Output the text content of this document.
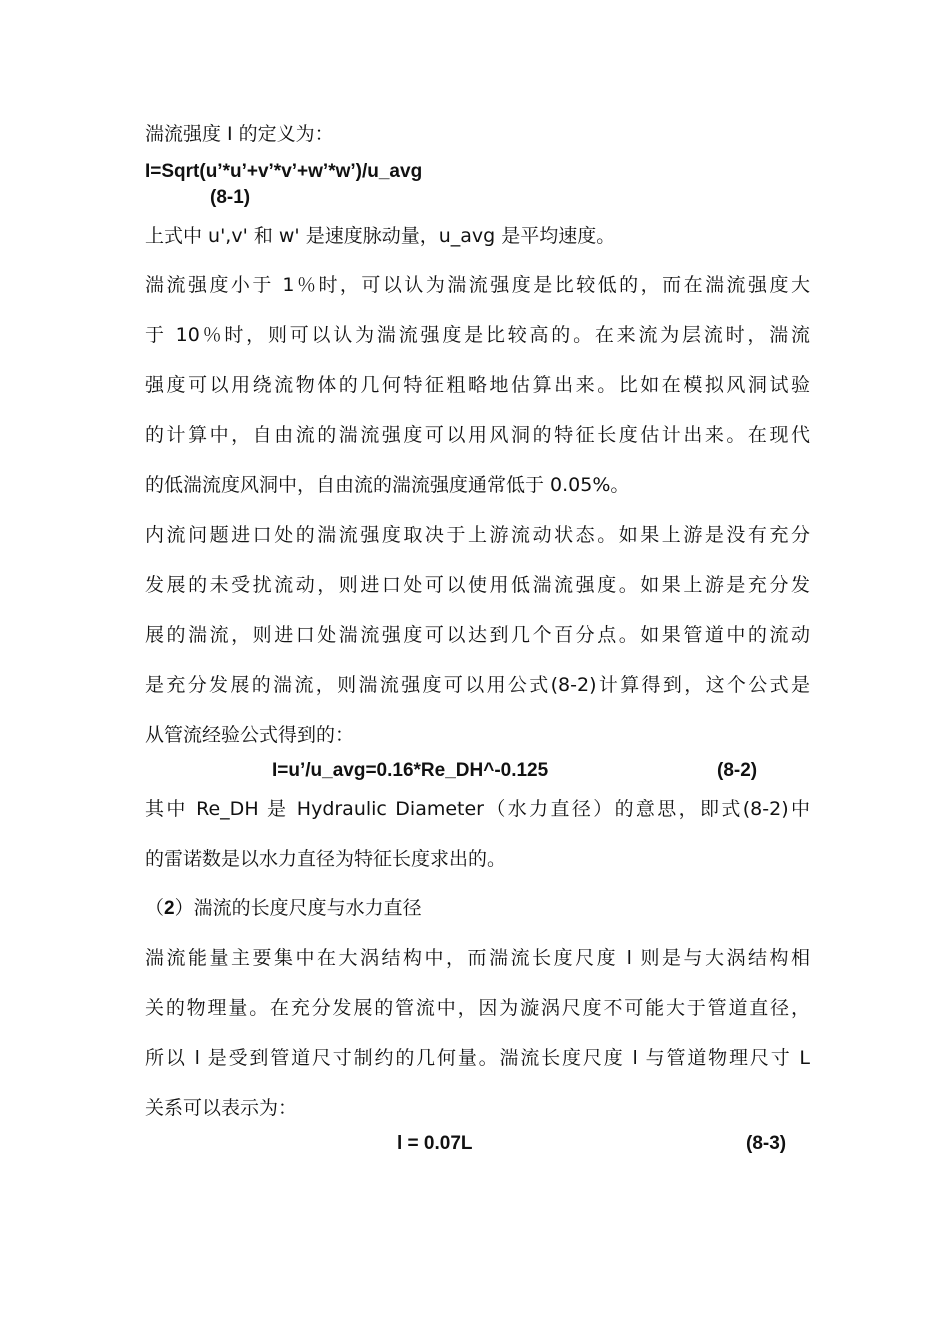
湍流强度 I 的定义为：
I=Sqrt(u’*u’+v’*v’+w’*w’)/u_avg
(8-1)
上式中 u',v' 和 w' 是速度脉动量，u_avg 是平均速度。
湍流强度小于 1％时，可以认为湍流强度是比较低的，而在湍流强度大
于 10％时，则可以认为湍流强度是比较高的。在来流为层流时，湍流
强度可以用绕流物体的几何特征粗略地估算出来。比如在模拟风洞试验
的计算中，自由流的湍流强度可以用风洞的特征长度估计出来。在现代
的低湍流度风洞中，自由流的湍流强度通常低于 0.05%。
内流问题进口处的湍流强度取决于上游流动状态。如果上游是没有充分
发展的未受扰流动，则进口处可以使用低湍流强度。如果上游是充分发
展的湍流，则进口处湍流强度可以达到几个百分点。如果管道中的流动
是充分发展的湍流，则湍流强度可以用公式(8-2)计算得到，这个公式是
从管流经验公式得到的：
I=u’/u_avg=0.16*Re_DH^-0.125	(8-2)
其中 Re_DH 是 Hydraulic Diameter（水力直径）的意思，即式(8-2)中
的雷诺数是以水力直径为特征长度求出的。
（2）湍流的长度尺度与水力直径
湍流能量主要集中在大涡结构中，而湍流长度尺度 l 则是与大涡结构相
关的物理量。在充分发展的管流中，因为漩涡尺度不可能大于管道直径，
所以 l 是受到管道尺寸制约的几何量。湍流长度尺度 l 与管道物理尺寸 L
关系可以表示为：
l = 0.07L	(8-3)
